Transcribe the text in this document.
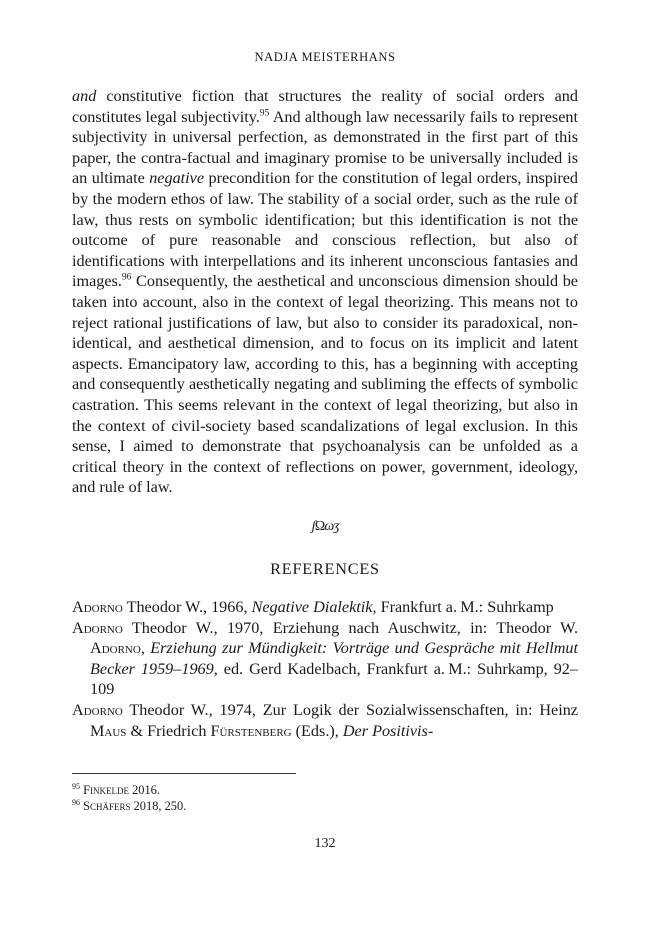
NADJA MEISTERHANS

and constitutive fiction that structures the reality of social orders and constitutes legal subjectivity.$^{95}$ And although law necessarily fails to represent subjectivity in universal perfection, as demonstrated in the first part of this paper, the contra-factual and imaginary promise to be universally included is an ultimate negative precondition for the constitution of legal orders, inspired by the modern ethos of law. The stability of a social order, such as the rule of law, thus rests on symbolic identification; but this identification is not the outcome of pure reasonable and conscious reflection, but also of identifications with interpellations and its inherent unconscious fantasies and images.$^{96}$ Consequently, the aesthetical and unconscious dimension should be taken into account, also in the context of legal theorizing. This means not to reject rational justifications of law, but also to consider its paradoxical, non-identical, and aesthetical dimension, and to focus on its implicit and latent aspects. Emancipatory law, according to this, has a beginning with accepting and consequently aesthetically negating and subliming the effects of symbolic castration. This seems relevant in the context of legal theorizing, but also in the context of civil-society based scandalizations of legal exclusion. In this sense, I aimed to demonstrate that psychoanalysis can be unfolded as a critical theory in the context of reflections on power, government, ideology, and rule of law.

ʃΩωʒ
REFERENCES
Adorno Theodor W., 1966, Negative Dialektik, Frankfurt a. M.: Suhrkamp
Adorno Theodor W., 1970, Erziehung nach Auschwitz, in: Theodor W. Adorno, Erziehung zur Mündigkeit: Vorträge und Gespräche mit Hellmut Becker 1959–1969, ed. Gerd Kadelbach, Frankfurt a. M.: Suhrkamp, 92–109
Adorno Theodor W., 1974, Zur Logik der Sozialwissenschaften, in: Heinz Maus & Friedrich Fürstenberg (Eds.), Der Positivis-
$^{95}$ Finkelde 2016.
$^{96}$ Schäfers 2018, 250.
132
